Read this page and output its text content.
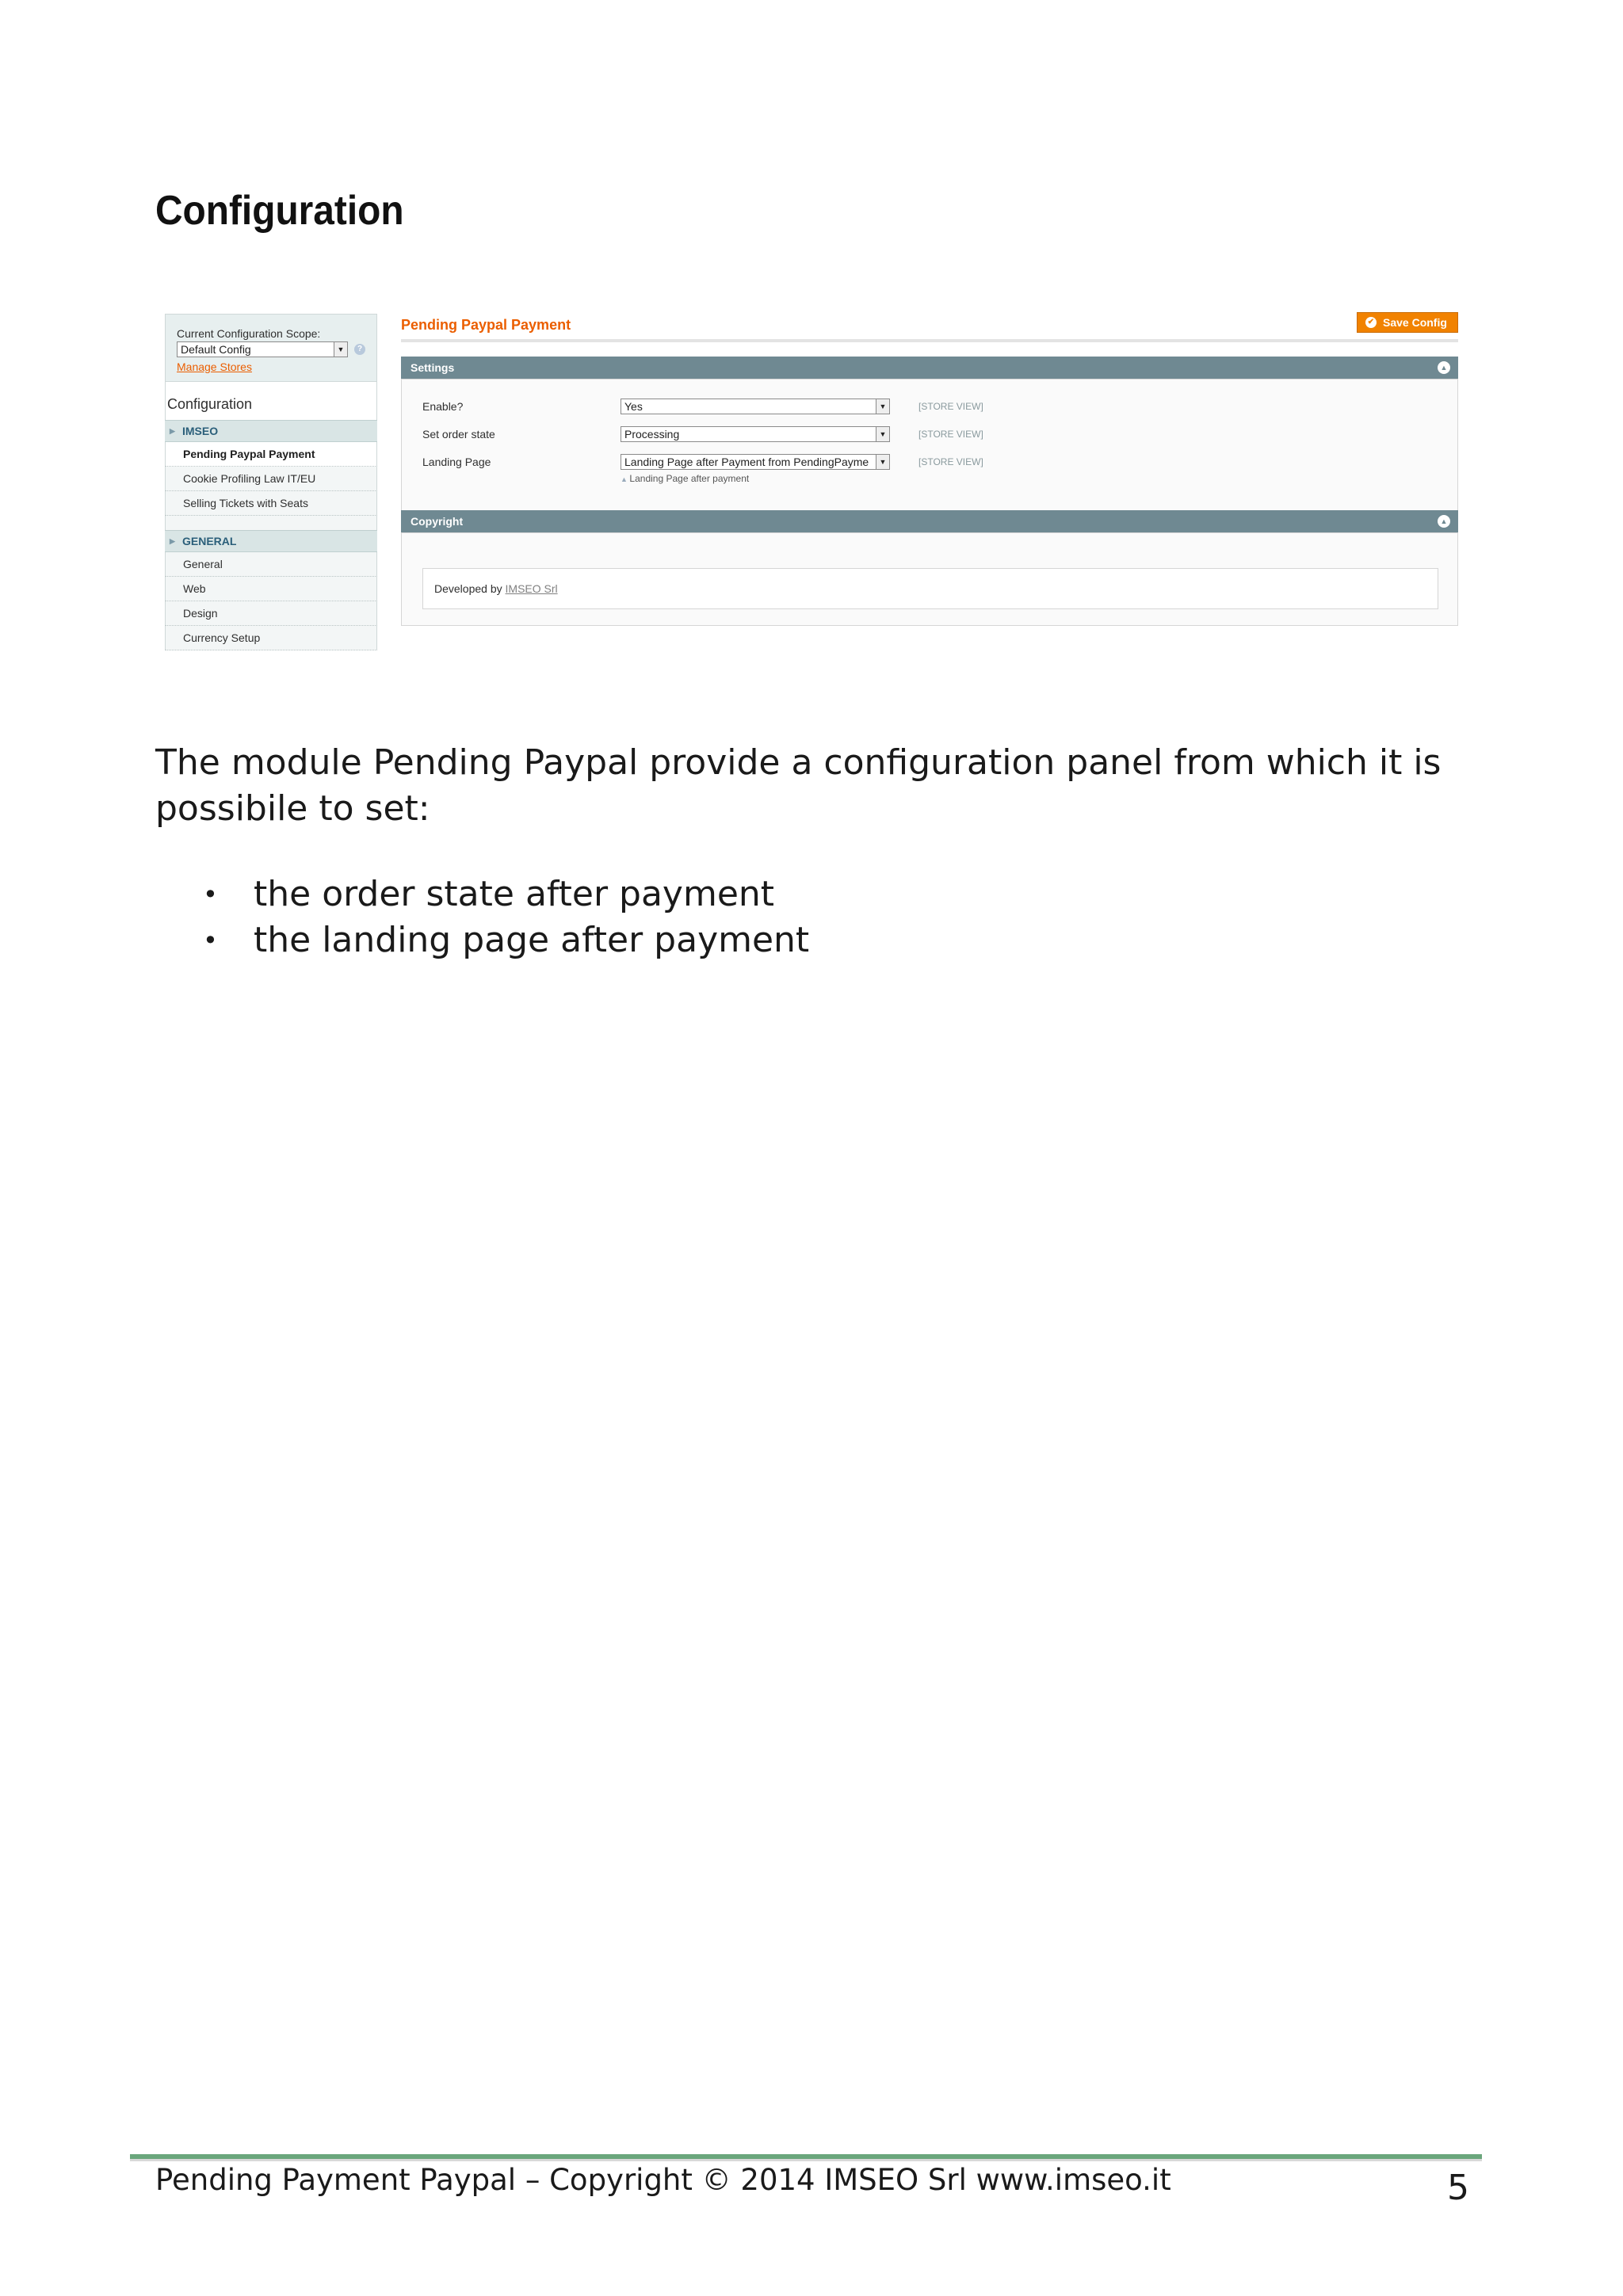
Configuration
Current Configuration Scope:
Default Config	▼	?
Manage Stores
Configuration
▶ IMSEO
Pending Paypal Payment
Cookie Profiling Law IT/EU
Selling Tickets with Seats
▶ GENERAL
General
Web
Design
Currency Setup
Pending Paypal Payment	✔ Save Config
Settings	▲
Enable?	Yes	▼	[STORE VIEW]
Set order state	Processing	▼	[STORE VIEW]
Landing Page	Landing Page after Payment from PendingPayme	▼	[STORE VIEW]
▲ Landing Page after payment
Copyright	▲
Developed by IMSEO Srl
The module Pending Paypal provide a configuration panel from which it is possibile to set:
• the order state after payment
• the landing page after payment
Pending Payment Paypal – Copyright © 2014 IMSEO Srl www.imseo.it	5
